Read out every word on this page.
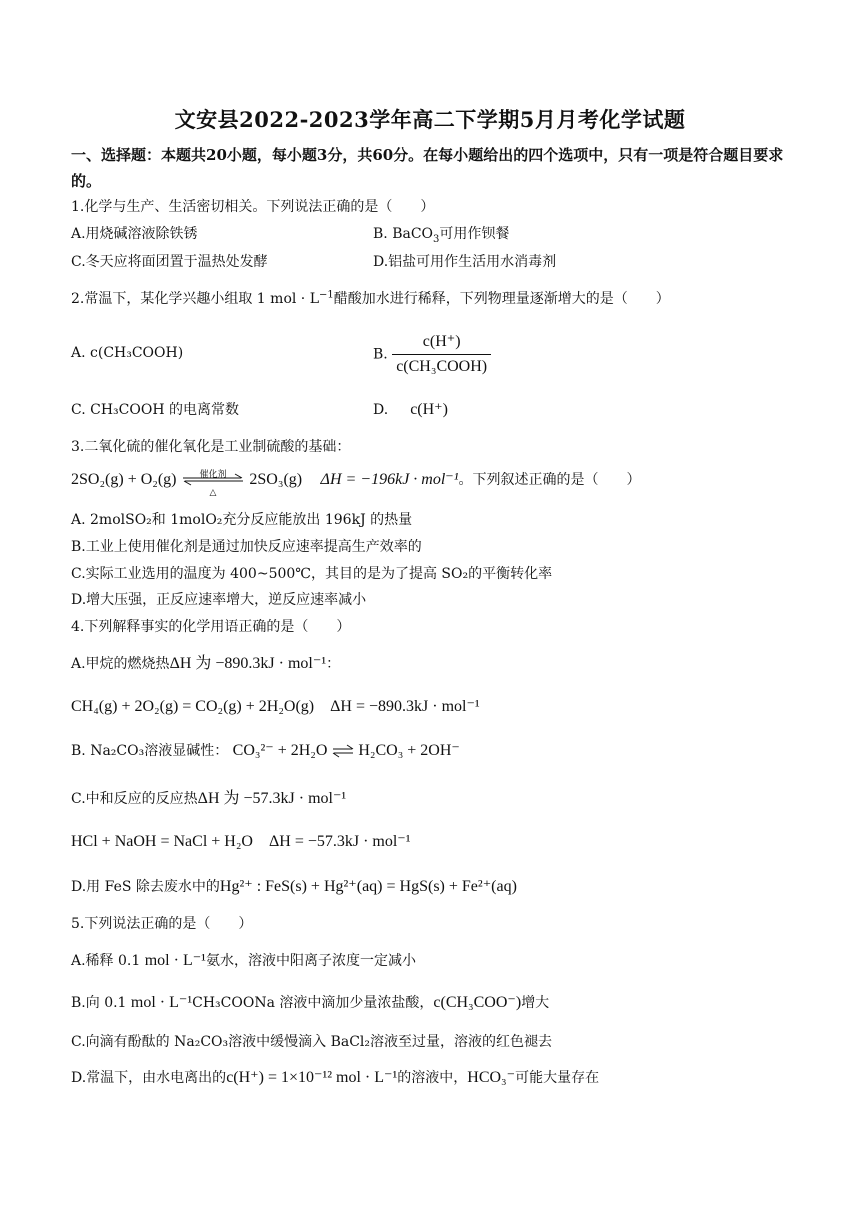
文安县2022-2023学年高二下学期5月月考化学试题
一、选择题：本题共20小题，每小题3分，共60分。在每小题给出的四个选项中，只有一项是符合题目要求的。
1.化学与生产、生活密切相关。下列说法正确的是（　　）
A.用烧碱溶液除铁锈	B. BaCO$_3$可用作钡餐
C.冬天应将面团置于温热处发酵	D.铝盐可用作生活用水消毒剂
2.常温下，某化学兴趣小组取 1 mol · $L^{-1}$醋酸加水进行稀释，下列物理量逐渐增大的是（　　）
A. c(CH₃COOH)	B. $\frac{c(H^+)}{\text{c(CH₃COOH)}}$
C. CH₃COOH 的电离常数	D. c(H⁺)
3.二氧化硫的催化氧化是工业制硫酸的基础：
2SO₂(g) + O₂(g)	催化剂
△
2SO₃(g) ΔH = −196kJ · mol⁻¹。下列叙述正确的是（　　）
A. 2molSO₂和 1molO₂充分反应能放出 196kJ 的热量
B.工业上使用催化剂是通过加快反应速率提高生产效率的
C.实际工业选用的温度为 400~500℃，其目的是为了提高 SO₂的平衡转化率
D.增大压强，正反应速率增大，逆反应速率减小
4.下列解释事实的化学用语正确的是（　　）
A.甲烷的燃烧热ΔH 为 −890.3kJ · mol⁻¹：
CH₄(g) + 2O₂(g) = CO₂(g) + 2H₂O(g)　ΔH = −890.3kJ · mol⁻¹
B. Na₂CO₃溶液显碱性： CO₃²⁻ + 2H₂O ⇌ H₂CO₃ + 2OH⁻
C.中和反应的反应热ΔH 为 −57.3kJ · mol⁻¹
HCl + NaOH = NaCl + H₂O　ΔH = −57.3kJ · mol⁻¹
D.用 FeS 除去废水中的Hg²⁺ : FeS(s) + Hg²⁺(aq) = HgS(s) + Fe²⁺(aq)
5.下列说法正确的是（　　）
A.稀释 0.1 mol · L⁻¹氨水，溶液中阳离子浓度一定减小
B.向 0.1 mol · L⁻¹CH₃COONa 溶液中滴加少量浓盐酸，c(CH₃COO⁻)增大
C.向滴有酚酞的 Na₂CO₃溶液中缓慢滴入 BaCl₂溶液至过量，溶液的红色褪去
D.常温下，由水电离出的c(H⁺) = 1×10⁻¹² mol · L⁻¹的溶液中，HCO₃⁻可能大量存在
